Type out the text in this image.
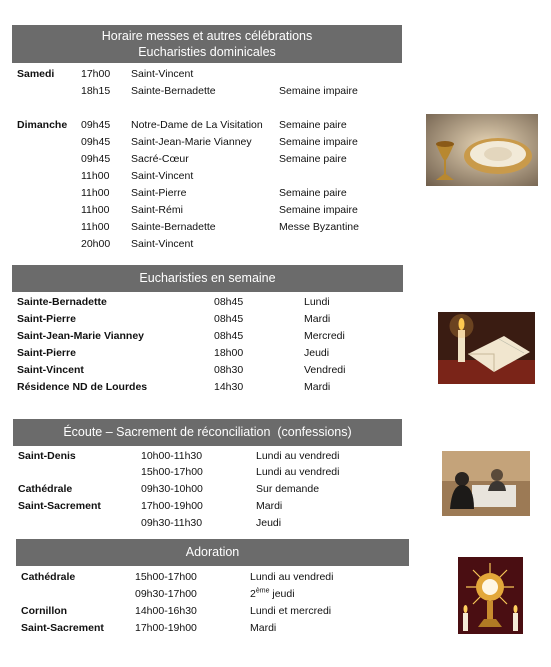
Horaire messes et autres célébrations
Eucharisties dominicales
Samedi	17h00 Saint-Vincent
18h15 Sainte-Bernadette	Semaine impaire
Dimanche 09h45 Notre-Dame de La Visitation Semaine paire
09h45 Saint-Jean-Marie Vianney	Semaine impaire
09h45 Sacré-Cœur	Semaine paire
11h00 Saint-Vincent
11h00 Saint-Pierre	Semaine paire
11h00 Saint-Rémi	Semaine impaire
11h00 Sainte-Bernadette	Messe Byzantine
20h00 Saint-Vincent
Eucharisties en semaine
Sainte-Bernadette	08h45	Lundi
Saint-Pierre	08h45	Mardi
Saint-Jean-Marie Vianney	08h45	Mercredi
Saint-Pierre	18h00	Jeudi
Saint-Vincent	08h30	Vendredi
Résidence ND de Lourdes	14h30	Mardi
Écoute – Sacrement de réconciliation  (confessions)
Saint-Denis	10h00-11h30	Lundi au vendredi
15h00-17h00	Lundi au vendredi
Cathédrale	09h30-10h00	Sur demande
Saint-Sacrement	17h00-19h00	Mardi
09h30-11h30	Jeudi
Adoration
Cathédrale	15h00-17h00	Lundi au vendredi
09h30-17h00	2ème jeudi
Cornillon	14h00-16h30	Lundi et mercredi
Saint-Sacrement	17h00-19h00	Mardi
